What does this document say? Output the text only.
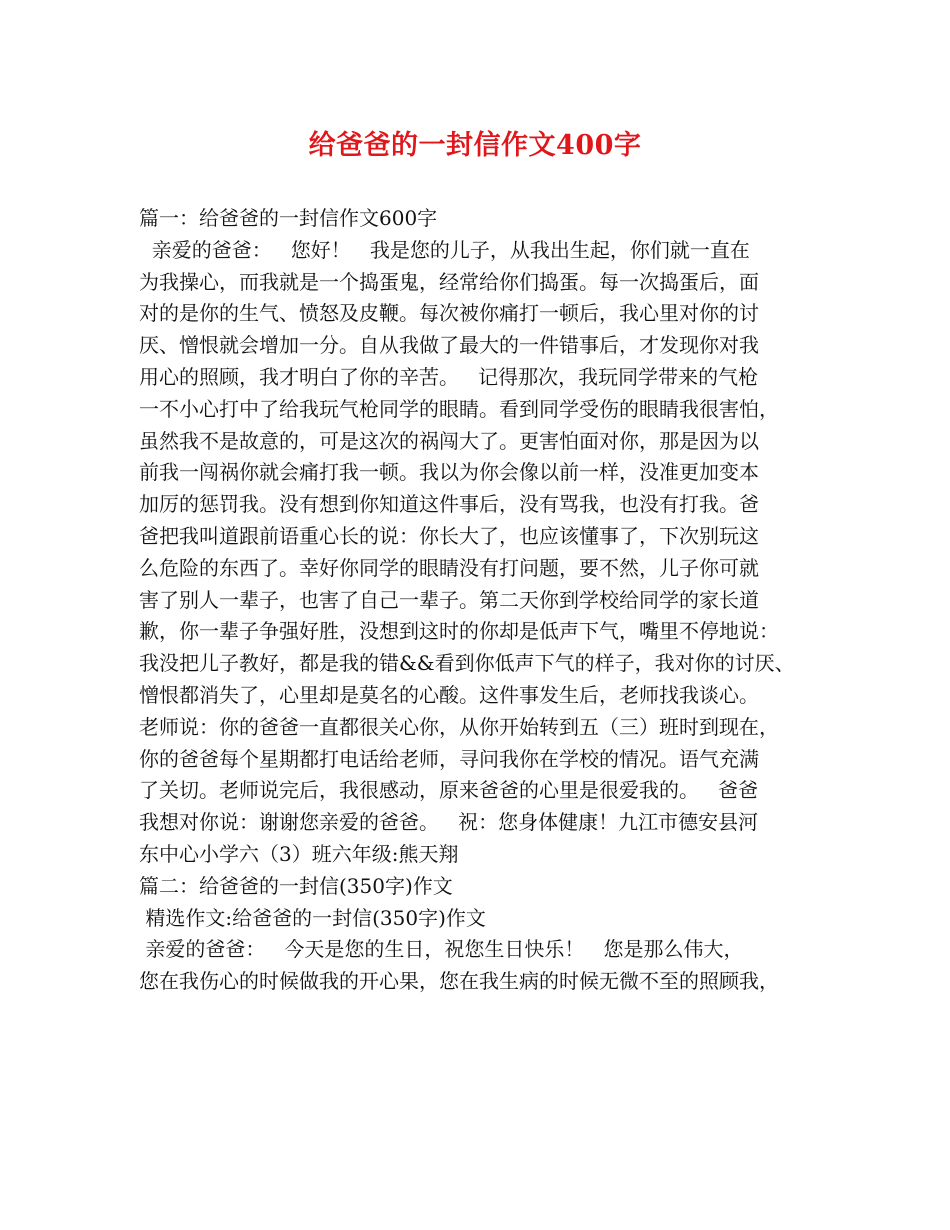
给爸爸的一封信作文400字
篇一：给爸爸的一封信作文600字
亲爱的爸爸：   您好！   我是您的儿子，从我出生起，你们就一直在
为我操心，而我就是一个捣蛋鬼，经常给你们捣蛋。每一次捣蛋后，面
对的是你的生气、愤怒及皮鞭。每次被你痛打一顿后，我心里对你的讨
厌、憎恨就会增加一分。自从我做了最大的一件错事后，才发现你对我
用心的照顾，我才明白了你的辛苦。   记得那次，我玩同学带来的气枪
一不小心打中了给我玩气枪同学的眼睛。看到同学受伤的眼睛我很害怕，
虽然我不是故意的，可是这次的祸闯大了。更害怕面对你，那是因为以
前我一闯祸你就会痛打我一顿。我以为你会像以前一样，没准更加变本
加厉的惩罚我。没有想到你知道这件事后，没有骂我，也没有打我。爸
爸把我叫道跟前语重心长的说：你长大了，也应该懂事了，下次别玩这
么危险的东西了。幸好你同学的眼睛没有打问题，要不然，儿子你可就
害了别人一辈子，也害了自己一辈子。第二天你到学校给同学的家长道
歉，你一辈子争强好胜，没想到这时的你却是低声下气，嘴里不停地说：
我没把儿子教好，都是我的错&&看到你低声下气的样子，我对你的讨厌、
憎恨都消失了，心里却是莫名的心酸。这件事发生后，老师找我谈心。
老师说：你的爸爸一直都很关心你，从你开始转到五（三）班时到现在，
你的爸爸每个星期都打电话给老师，寻问我你在学校的情况。语气充满
了关切。老师说完后，我很感动，原来爸爸的心里是很爱我的。   爸爸
我想对你说：谢谢您亲爱的爸爸。   祝：您身体健康！九江市德安县河
东中心小学六（3）班六年级:熊天翔
篇二：给爸爸的一封信(350字)作文
精选作文:给爸爸的一封信(350字)作文
亲爱的爸爸：   今天是您的生日，祝您生日快乐！   您是那么伟大，
您在我伤心的时候做我的开心果，您在我生病的时候无微不至的照顾我，
